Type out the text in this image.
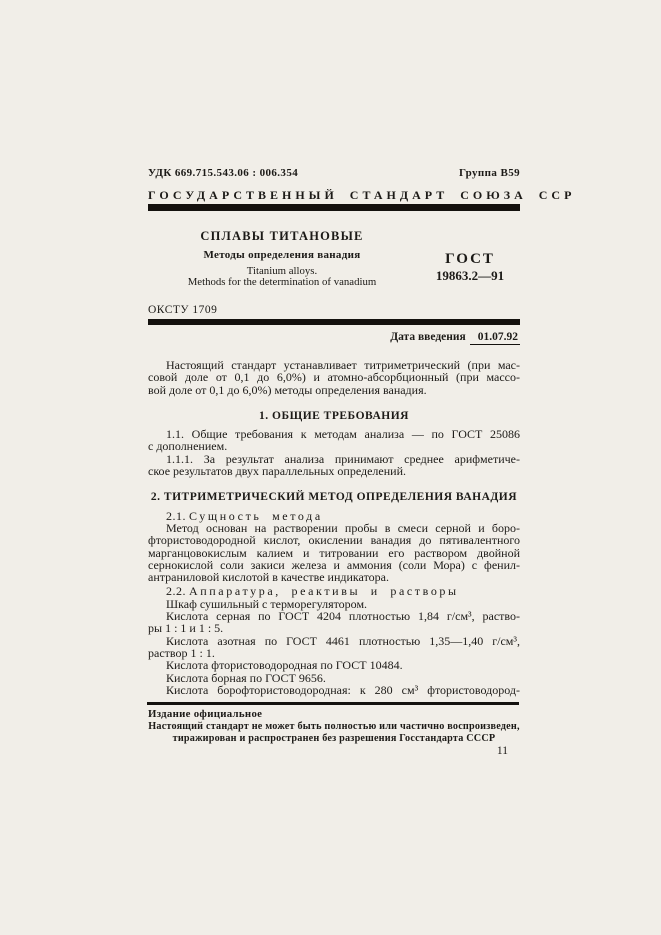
УДК 669.715.543.06 : 006.354	Группа В59
ГОСУДАРСТВЕННЫЙ СТАНДАРТ СОЮЗА ССР
СПЛАВЫ ТИТАНОВЫЕ
Методы определения ванадия
Titanium alloys.
Methods for the determination of vanadium
ГОСТ
19863.2—91
ОКСТУ 1709
Дата введения 01.07.92
Настоящий стандарт устанавливает титриметрический (при мас-
совой доле от 0,1 до 6,0%) и атомно-абсорбционный (при массо-
вой доле от 0,1 до 6,0%) методы определения ванадия.
1. ОБЩИЕ ТРЕБОВАНИЯ
1.1. Общие требования к методам анализа — по ГОСТ 25086
с дополнением.
1.1.1. За результат анализа принимают среднее арифметиче-
ское результатов двух параллельных определений.
2. ТИТРИМЕТРИЧЕСКИЙ МЕТОД ОПРЕДЕЛЕНИЯ ВАНАДИЯ
2.1. Сущность метода
Метод основан на растворении пробы в смеси серной и боро-
фтористоводородной кислот, окислении ванадия до пятивалентного
марганцовокислым калием и титровании его раствором двойной
сернокислой соли закиси железа и аммония (соли Мора) с фенил-
антраниловой кислотой в качестве индикатора.
2.2. Аппаратура, реактивы и растворы
Шкаф сушильный с терморегулятором.
Кислота серная по ГОСТ 4204 плотностью 1,84 г/см³, раство-
ры 1 : 1 и 1 : 5.
Кислота азотная по ГОСТ 4461 плотностью 1,35—1,40 г/см³,
раствор 1 : 1.
Кислота фтористоводородная по ГОСТ 10484.
Кислота борная по ГОСТ 9656.
Кислота борофтористоводородная: к 280 см³ фтористоводород-
Издание официальное
Настоящий стандарт не может быть полностью или частично воспроизведен,
тиражирован и распространен без разрешения Госстандарта СССР
11
